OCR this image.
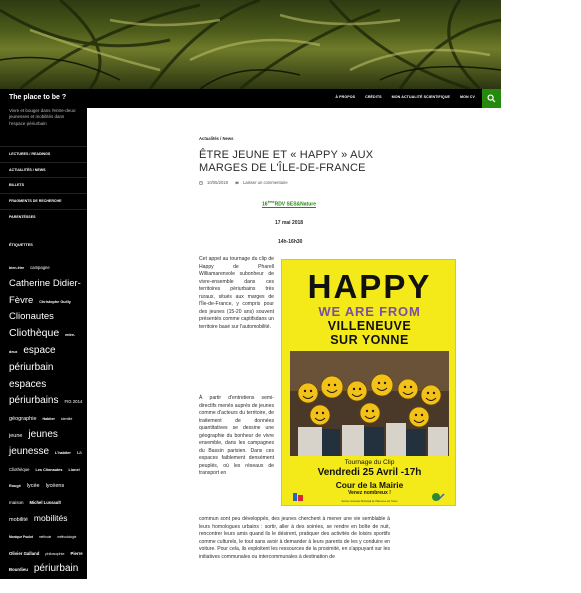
The place to be ?	À PROPOS	CRÉDITS	MON ACTUALITÉ SCIENTIFIQUE	MON CV
Vivre et bouger dans l'entre-deux: jeunesses et mobilités dans l'espace périurbain
LECTURES / READINGS
ACTUALITÉS / NEWS
BILLETS
FRAGMENTS DE RECHERCHE
PARENTÉSSES
ÉTIQUETTES
bien-être campagne Catherine Didier-Fèvre Christophe Guilly Clionautes Cliothèque entre-deux espace périurbain espaces périurbains FIG 2014 géographie Habiter identité jeune jeunes jeunesse L'habiter La Cliothèque Les Clionautes Lionel Rougé lycée lycéens maison Michel Lussault mobilité mobilités Monique Poulot méthode méthodologie Olivier Galland philosophie Pierre Bourdieu périurbain périurbains
Actualités / News
ÊTRE JEUNE ET « HAPPY » AUX MARGES DE L'ÎLE-DE-FRANCE
10/05/2018	Laisser un commentaire
16èmeRDV SES&Nature
17 mai 2018
14h-16h30
Cet appel au tournage du clip de Happy de Pharell Williamarenvole subonheur de vivre-ensemble dans ces territoires périurbains très ruraux, situés aux marges de l'Île-de-France, y compris pour des jeunes (15-20 ans) souvent présentés comme captifsdans un territoire basé sur l'automobilité.
HAPPY
WE ARE FROM
VILLENEUVE
SUR YONNE
Tournage du Clip
Vendredi 25 Avril -17h
Cour de la Mairie
Venez nombreux !
Service Jeunesse Municipal de Villeneuve sur Yonne
À partir d'entretiens semi-directifs menés auprès de jeunes comme d'acteurs du territoire, de traitement de données quantitatives se dessine une géographie du bonheur de vivre ensemble, dans les campagnes du Bassin parisien. Dans ces espaces faiblement densément peuplés, où les réseaux de transport en
commun sont peu développés, des jeunes cherchent à mener une vie semblable à leurs homologues urbains : sortir, aller à des soirées, se rendre en boîte de nuit, rencontrer leurs amis quand ils le désirent, pratiquer des activités de loisirs sportifs comme culturels, le tout sans avoir à demander à leurs parents de les y conduire en voiture. Pour cela, ils exploitent les ressources de la proximité, en s'appuyant sur les initiatives communales ou intercommunales à destination de
